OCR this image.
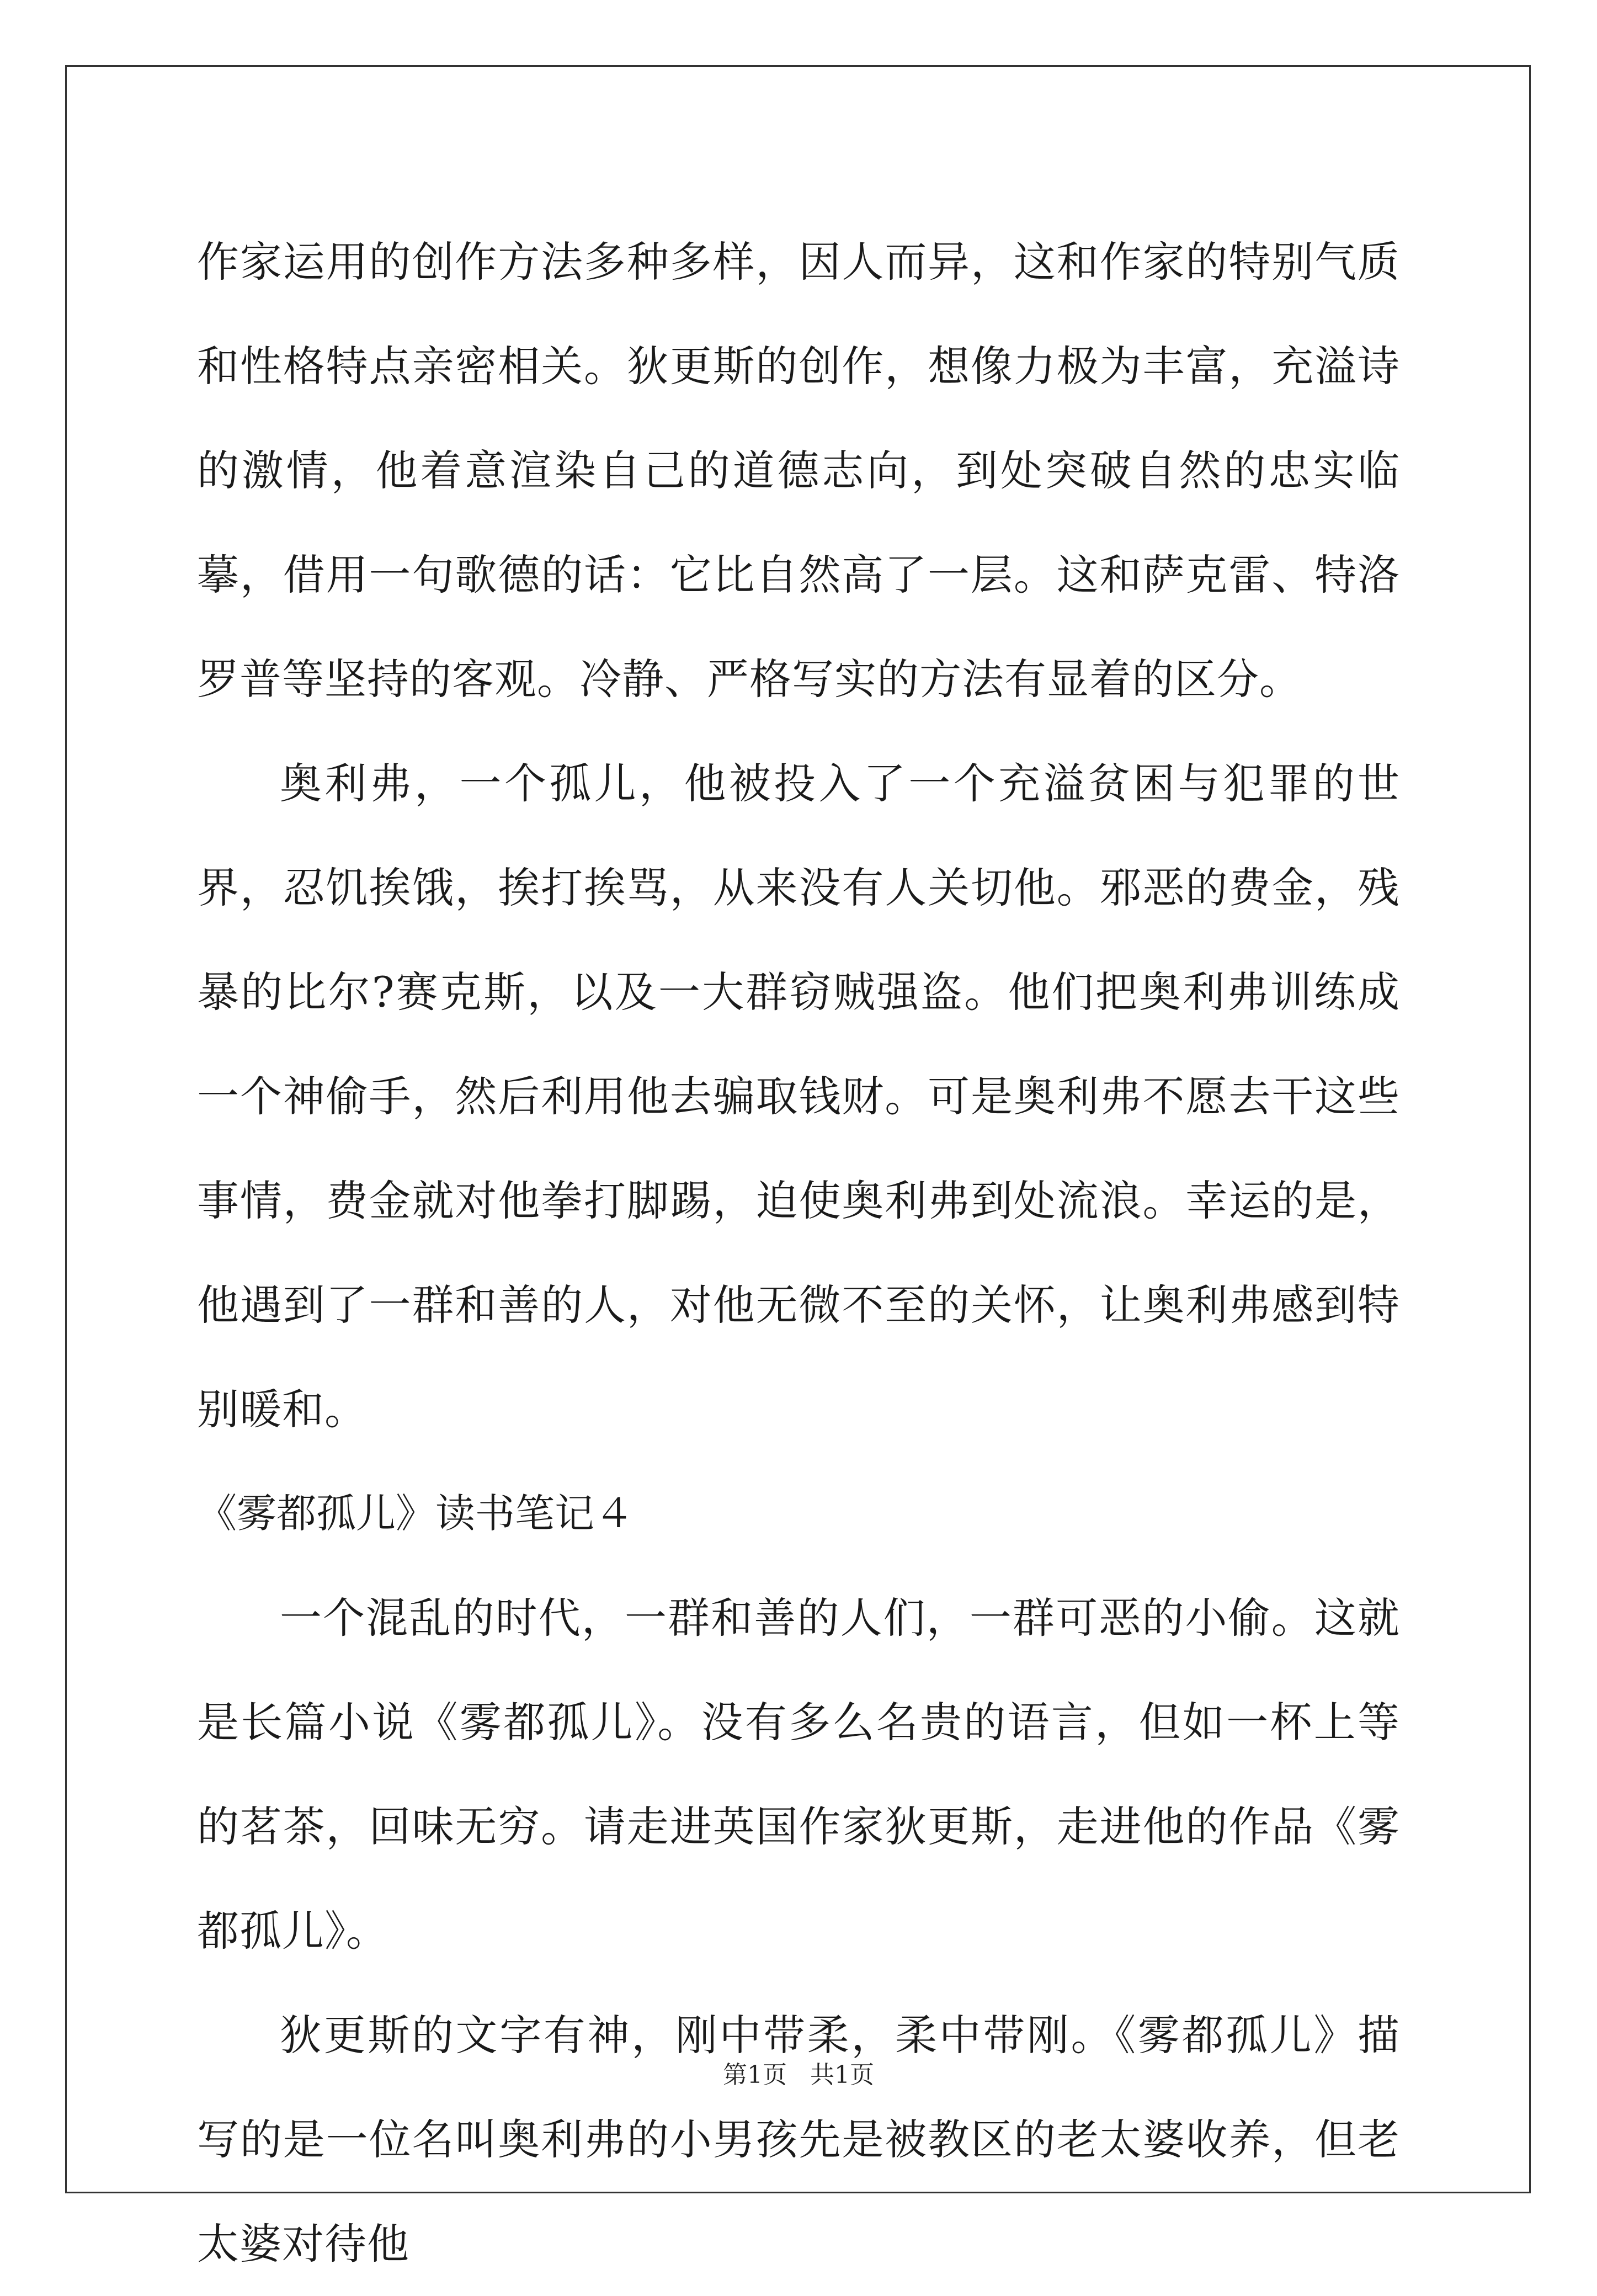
作家运用的创作方法多种多样，因人而异，这和作家的特别气质和性格特点亲密相关。狄更斯的创作，想像力极为丰富，充溢诗的激情，他着意渲染自己的道德志向，到处突破自然的忠实临摹，借用一句歌德的话：它比自然高了一层。这和萨克雷、特洛罗普等坚持的客观。冷静、严格写实的方法有显着的区分。

奥利弗，一个孤儿，他被投入了一个充溢贫困与犯罪的世界，忍饥挨饿，挨打挨骂，从来没有人关切他。邪恶的费金，残暴的比尔?赛克斯，以及一大群窃贼强盗。他们把奥利弗训练成一个神偷手，然后利用他去骗取钱财。可是奥利弗不愿去干这些事情，费金就对他拳打脚踢，迫使奥利弗到处流浪。幸运的是，他遇到了一群和善的人，对他无微不至的关怀，让奥利弗感到特别暖和。

《雾都孤儿》读书笔记４

一个混乱的时代，一群和善的人们，一群可恶的小偷。这就是长篇小说《雾都孤儿》。没有多么名贵的语言，但如一杯上等的茗茶，回味无穷。请走进英国作家狄更斯，走进他的作品《雾都孤儿》。

狄更斯的文字有神，刚中带柔，柔中带刚。《雾都孤儿》描写的是一位名叫奥利弗的小男孩先是被教区的老太婆收养，但老太婆对待他

第1页 共1页
